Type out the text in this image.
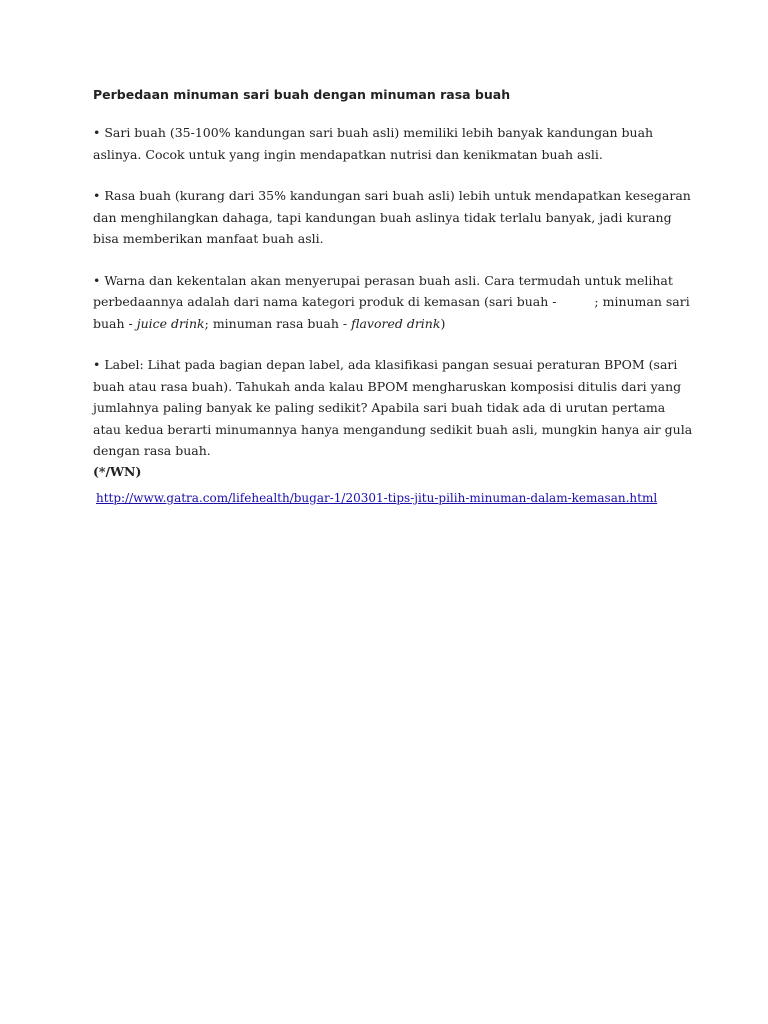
Perbedaan minuman sari buah dengan minuman rasa buah

• Sari buah (35-100% kandungan sari buah asli) memiliki lebih banyak kandungan buah aslinya. Cocok untuk yang ingin mendapatkan nutrisi dan kenikmatan buah asli.

• Rasa buah (kurang dari 35% kandungan sari buah asli) lebih untuk mendapatkan kesegaran dan menghilangkan dahaga, tapi kandungan buah aslinya tidak terlalu banyak, jadi kurang bisa memberikan manfaat buah asli.

• Warna dan kekentalan akan menyerupai perasan buah asli. Cara termudah untuk melihat perbedaannya adalah dari nama kategori produk di kemasan (sari buah -	; minuman sari buah - juice drink; minuman rasa buah - flavored drink)

• Label: Lihat pada bagian depan label, ada klasifikasi pangan sesuai peraturan BPOM (sari buah atau rasa buah). Tahukah anda kalau BPOM mengharuskan komposisi ditulis dari yang jumlahnya paling banyak ke paling sedikit? Apabila sari buah tidak ada di urutan pertama atau kedua berarti minumannya hanya mengandung sedikit buah asli, mungkin hanya air gula dengan rasa buah.

(*/WN)
http://www.gatra.com/lifehealth/bugar-1/20301-tips-jitu-pilih-minuman-dalam-kemasan.html
